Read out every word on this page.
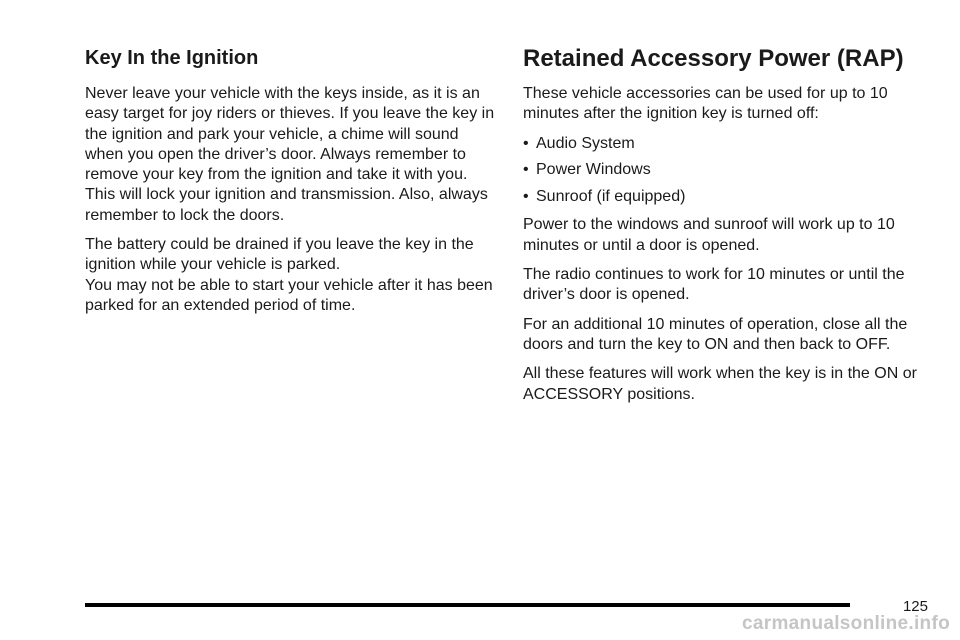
Key In the Ignition

Never leave your vehicle with the keys inside, as it is an easy target for joy riders or thieves. If you leave the key in the ignition and park your vehicle, a chime will sound when you open the driver’s door. Always remember to remove your key from the ignition and take it with you. This will lock your ignition and transmission. Also, always remember to lock the doors.

The battery could be drained if you leave the key in the ignition while your vehicle is parked.

You may not be able to start your vehicle after it has been parked for an extended period of time.

Retained Accessory Power (RAP)

These vehicle accessories can be used for up to 10 minutes after the ignition key is turned off:

• Audio System
• Power Windows
• Sunroof (if equipped)

Power to the windows and sunroof will work up to 10 minutes or until a door is opened.

The radio continues to work for 10 minutes or until the driver’s door is opened.

For an additional 10 minutes of operation, close all the doors and turn the key to ON and then back to OFF.

All these features will work when the key is in the ON or ACCESSORY positions.

125
carmanualsonline.info
